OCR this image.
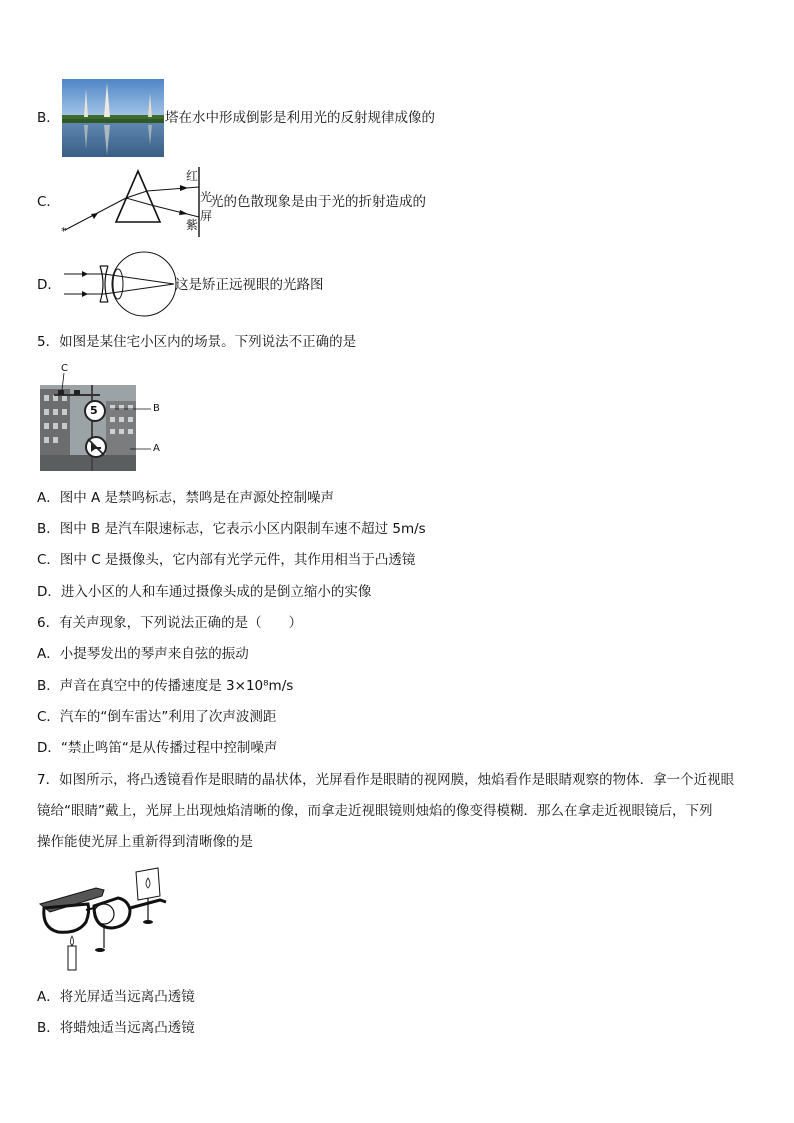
B．	塔在水中形成倒影是利用光的反射规律成像的
C．
*
红
光
屏
紫
光的色散现象是由于光的折射造成的
D．	这是矫正远视眼的光路图
5．如图是某住宅小区内的场景。下列说法不正确的是
C
5	B
A
A．图中 A 是禁鸣标志，禁鸣是在声源处控制噪声
B．图中 B 是汽车限速标志，它表示小区内限制车速不超过 5m/s
C．图中 C 是摄像头，它内部有光学元件，其作用相当于凸透镜
D．进入小区的人和车通过摄像头成的是倒立缩小的实像
6．有关声现象，下列说法正确的是（　　）
A．小提琴发出的琴声来自弦的振动
B．声音在真空中的传播速度是 3×10⁸m/s
C．汽车的“倒车雷达”利用了次声波测距
D．“禁止鸣笛“是从传播过程中控制噪声
7．如图所示，将凸透镜看作是眼睛的晶状体，光屏看作是眼睛的视网膜，烛焰看作是眼睛观察的物体．拿一个近视眼
镜给“眼睛”戴上，光屏上出现烛焰清晰的像，而拿走近视眼镜则烛焰的像变得模糊．那么在拿走近视眼镜后，下列
操作能使光屏上重新得到清晰像的是
A．将光屏适当远离凸透镜
B．将蜡烛适当远离凸透镜
